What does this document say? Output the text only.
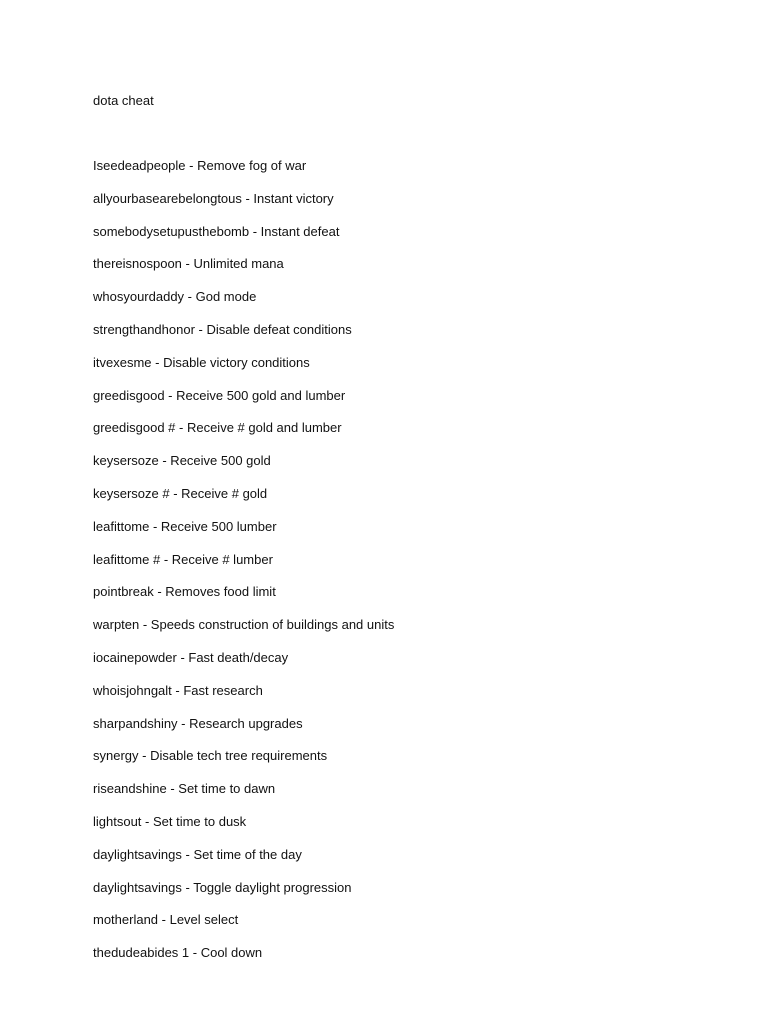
dota cheat
Iseedeadpeople - Remove fog of war
allyourbasearebelongtous - Instant victory
somebodysetupusthebomb - Instant defeat
thereisnospoon - Unlimited mana
whosyourdaddy - God mode
strengthandhonor - Disable defeat conditions
itvexesme - Disable victory conditions
greedisgood - Receive 500 gold and lumber
greedisgood # - Receive # gold and lumber
keysersoze - Receive 500 gold
keysersoze # - Receive # gold
leafittome - Receive 500 lumber
leafittome # - Receive # lumber
pointbreak - Removes food limit
warpten - Speeds construction of buildings and units
iocainepowder - Fast death/decay
whoisjohngalt - Fast research
sharpandshiny - Research upgrades
synergy - Disable tech tree requirements
riseandshine - Set time to dawn
lightsout - Set time to dusk
daylightsavings - Set time of the day
daylightsavings - Toggle daylight progression
motherland - Level select
thedudeabides 1 - Cool down
